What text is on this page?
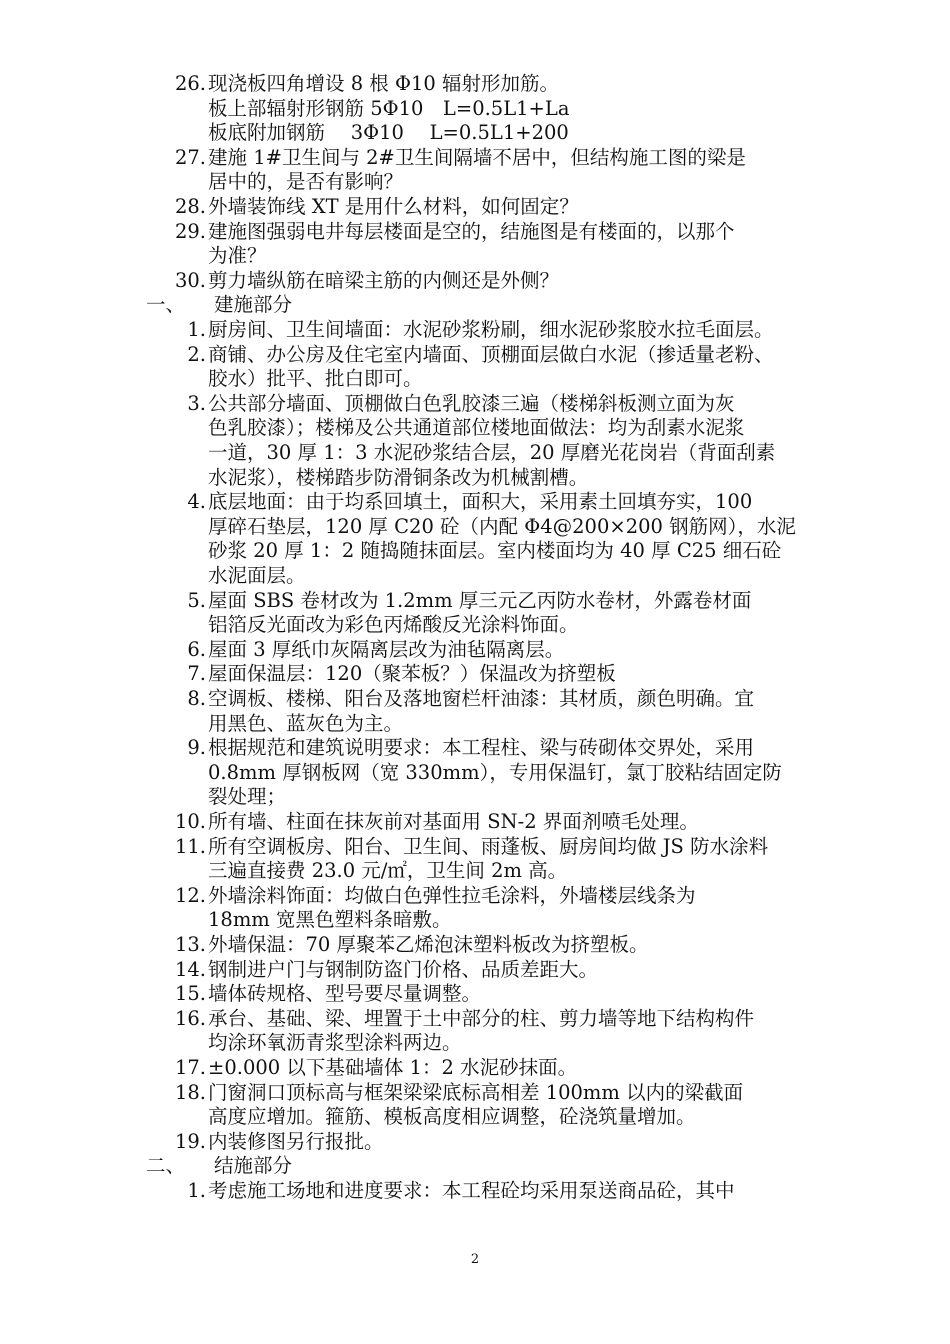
26. 现浇板四角增设 8 根 Φ10 辐射形加筋。
板上部辐射形钢筋 5Φ10　L=0.5L1+La
板底附加钢筋　 3Φ10　 L=0.5L1+200
27. 建施 1#卫生间与 2#卫生间隔墙不居中，但结构施工图的梁是
居中的，是否有影响？
28. 外墙装饰线 XT 是用什么材料，如何固定？
29. 建施图强弱电井每层楼面是空的，结施图是有楼面的，以那个
为准？
30. 剪力墙纵筋在暗梁主筋的内侧还是外侧？
一、 建施部分
1. 厨房间、卫生间墙面：水泥砂浆粉刷，细水泥砂浆胶水拉毛面层。
2. 商铺、办公房及住宅室内墙面、顶棚面层做白水泥（掺适量老粉、
胶水）批平、批白即可。
3. 公共部分墙面、顶棚做白色乳胶漆三遍（楼梯斜板测立面为灰
色乳胶漆）；楼梯及公共通道部位楼地面做法：均为刮素水泥浆
一道，30 厚 1：3 水泥砂浆结合层，20 厚磨光花岗岩（背面刮素
水泥浆），楼梯踏步防滑铜条改为机械割槽。
4. 底层地面：由于均系回填土，面积大，采用素土回填夯实，100
厚碎石垫层，120 厚 C20 砼（内配 Φ4@200×200 钢筋网），水泥
砂浆 20 厚 1：2 随捣随抹面层。室内楼面均为 40 厚 C25 细石砼
水泥面层。
5. 屋面 SBS 卷材改为 1.2mm 厚三元乙丙防水卷材，外露卷材面
铝箔反光面改为彩色丙烯酸反光涂料饰面。
6. 屋面 3 厚纸巾灰隔离层改为油毡隔离层。
7. 屋面保温层：120（聚苯板？）保温改为挤塑板
8. 空调板、楼梯、阳台及落地窗栏杆油漆：其材质，颜色明确。宜
用黑色、蓝灰色为主。
9. 根据规范和建筑说明要求：本工程柱、梁与砖砌体交界处，采用
0.8mm 厚钢板网（宽 330mm），专用保温钉，氯丁胶粘结固定防
裂处理；
10. 所有墙、柱面在抹灰前对基面用 SN-2 界面剂喷毛处理。
11. 所有空调板房、阳台、卫生间、雨蓬板、厨房间均做 JS 防水涂料
三遍直接费 23.0 元/㎡，卫生间 2m 高。
12. 外墙涂料饰面：均做白色弹性拉毛涂料，外墙楼层线条为
18mm 宽黑色塑料条暗敷。
13. 外墙保温：70 厚聚苯乙烯泡沫塑料板改为挤塑板。
14. 钢制进户门与钢制防盗门价格、品质差距大。
15. 墙体砖规格、型号要尽量调整。
16. 承台、基础、梁、埋置于土中部分的柱、剪力墙等地下结构构件
均涂环氧沥青浆型涂料两边。
17. ±0.000 以下基础墙体 1：2 水泥砂抹面。
18. 门窗洞口顶标高与框架梁梁底标高相差 100mm 以内的梁截面
高度应增加。箍筋、模板高度相应调整，砼浇筑量增加。
19. 内装修图另行报批。
二、 结施部分
1. 考虑施工场地和进度要求：本工程砼均采用泵送商品砼，其中
2
